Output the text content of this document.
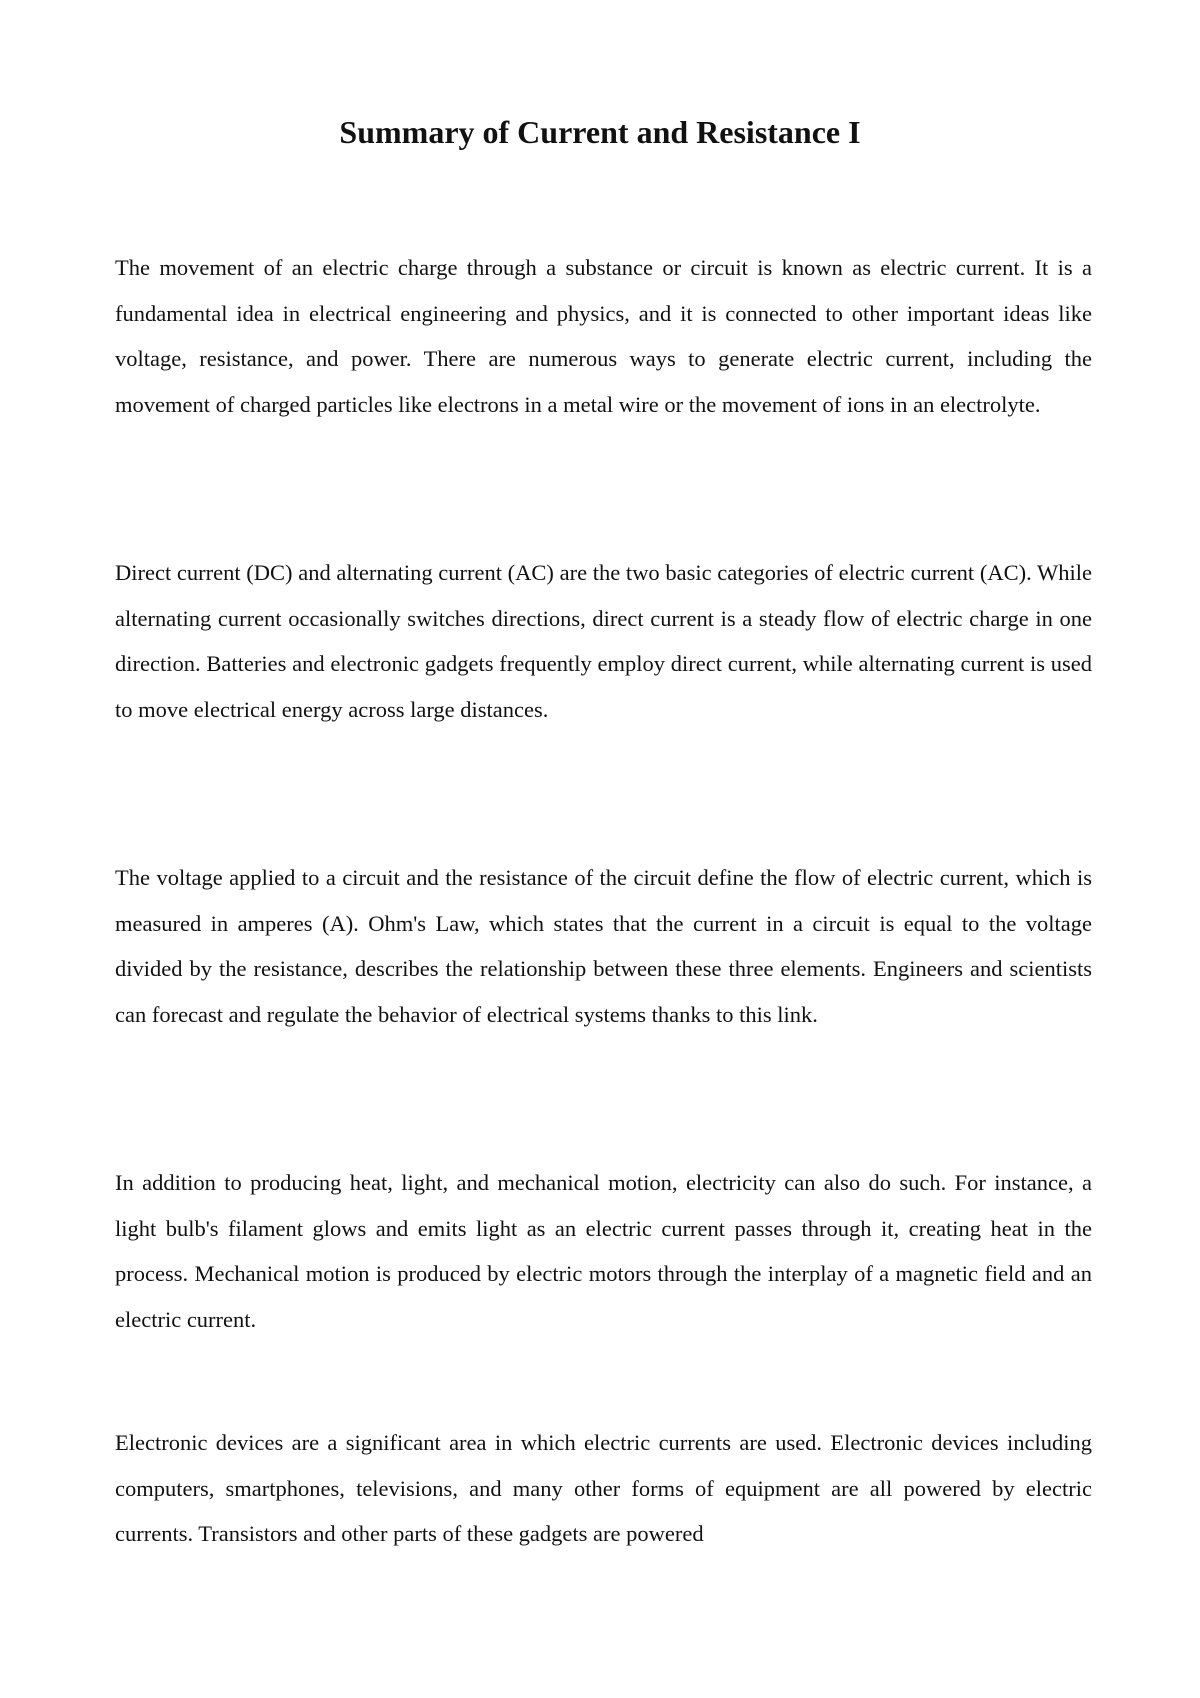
Summary of Current and Resistance I

The movement of an electric charge through a substance or circuit is known as electric current. It is a fundamental idea in electrical engineering and physics, and it is connected to other important ideas like voltage, resistance, and power. There are numerous ways to generate electric current, including the movement of charged particles like electrons in a metal wire or the movement of ions in an electrolyte.

Direct current (DC) and alternating current (AC) are the two basic categories of electric current (AC). While alternating current occasionally switches directions, direct current is a steady flow of electric charge in one direction. Batteries and electronic gadgets frequently employ direct current, while alternating current is used to move electrical energy across large distances.

The voltage applied to a circuit and the resistance of the circuit define the flow of electric current, which is measured in amperes (A). Ohm's Law, which states that the current in a circuit is equal to the voltage divided by the resistance, describes the relationship between these three elements. Engineers and scientists can forecast and regulate the behavior of electrical systems thanks to this link.

In addition to producing heat, light, and mechanical motion, electricity can also do such. For instance, a light bulb's filament glows and emits light as an electric current passes through it, creating heat in the process. Mechanical motion is produced by electric motors through the interplay of a magnetic field and an electric current.

Electronic devices are a significant area in which electric currents are used. Electronic devices including computers, smartphones, televisions, and many other forms of equipment are all powered by electric currents. Transistors and other parts of these gadgets are powered
